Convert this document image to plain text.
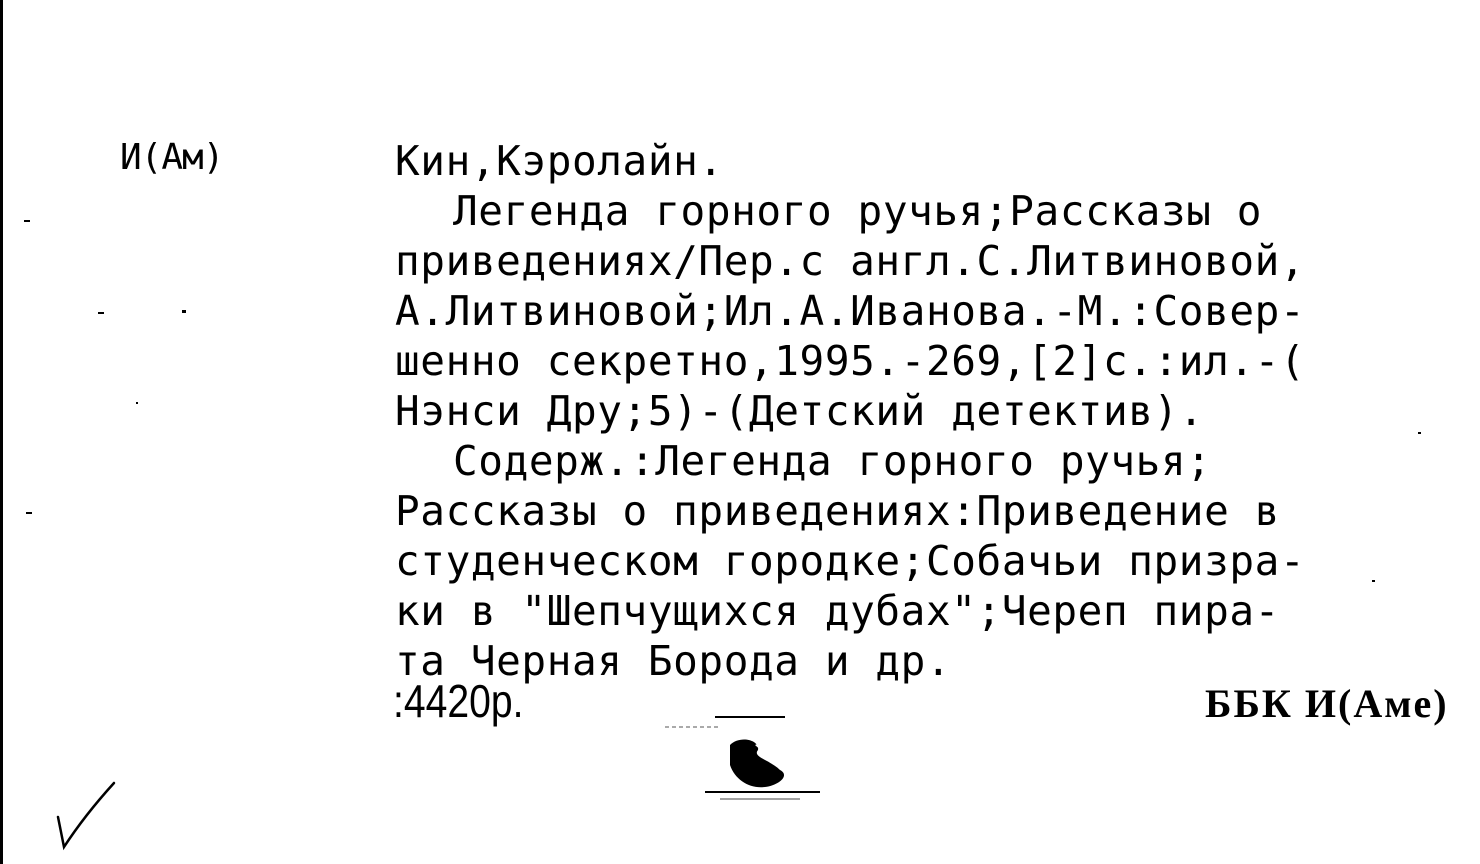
И(Ам)	Кин,Кэролайн.
Легенда горного ручья;Рассказы о
приведениях/Пер.с англ.С.Литвиновой,
А.Литвиновой;Ил.А.Иванова.-М.:Совер-
шенно секретно,1995.-269,[2]с.:ил.-(
Нэнси Дру;5)-(Детский детектив).
Содерж.:Легенда горного ручья;
Рассказы о приведениях:Приведение в
студенческом городке;Собачьи призра-
ки в "Шепчущихся дубах";Череп пира-
та Черная Борода и др.
:4420р.	ББК И(Аме)
